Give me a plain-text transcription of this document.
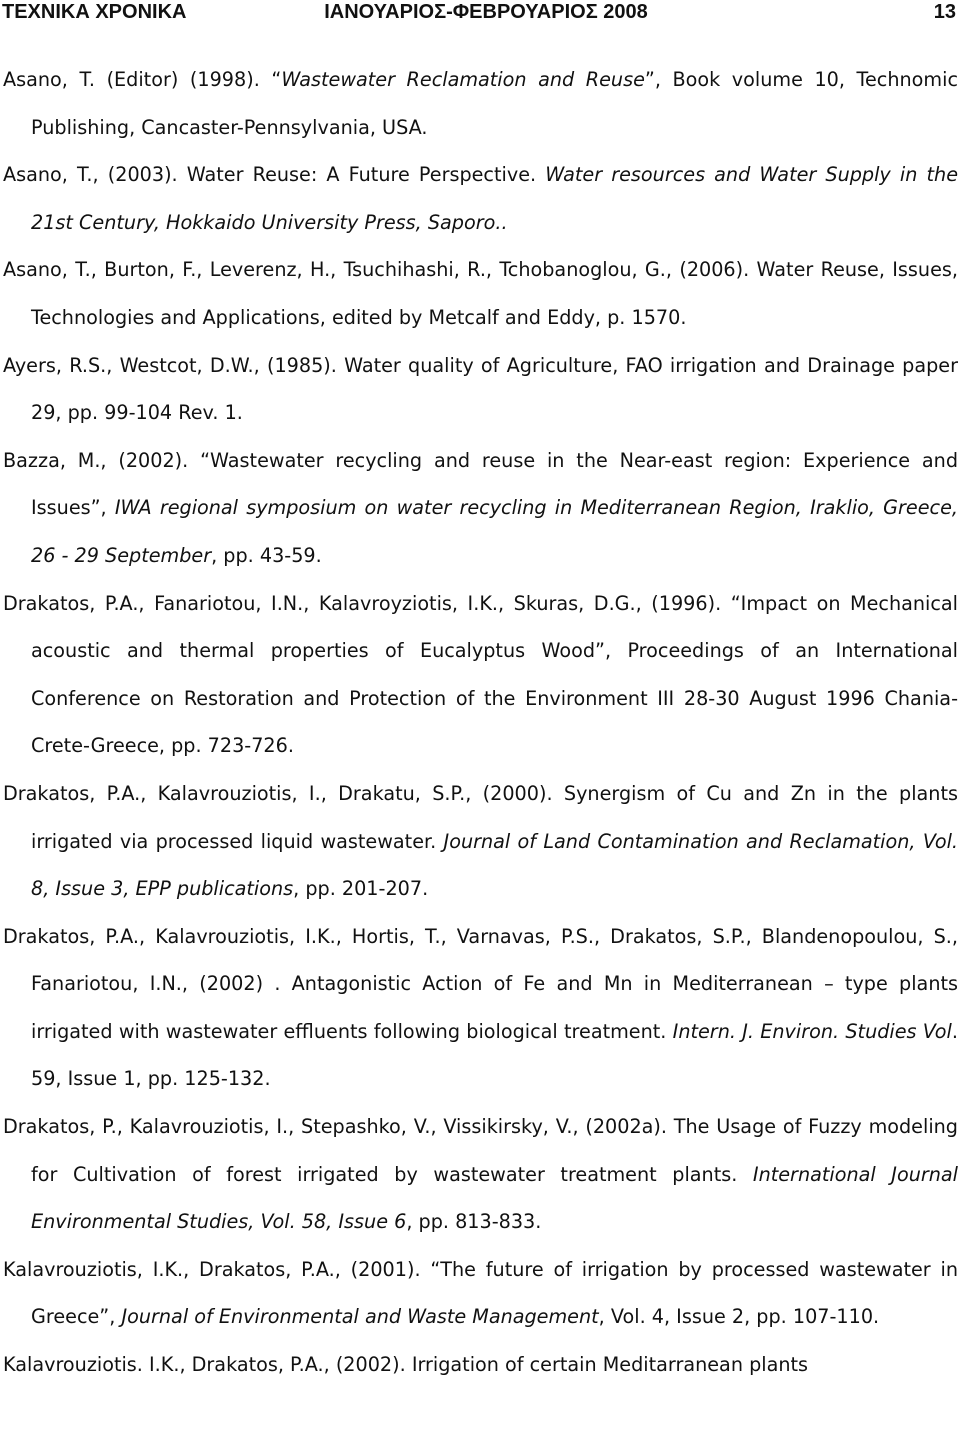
ΤΕΧΝΙΚΑ ΧΡΟΝΙΚΑ	ΙΑΝΟΥΑΡΙΟΣ-ΦΕΒΡΟΥΑΡΙΟΣ 2008	13

Asano, T. (Editor) (1998). “Wastewater Reclamation and Reuse”, Book volume 10, Technomic Publishing, Cancaster-Pennsylvania, USA.

Asano, T., (2003). Water Reuse: A Future Perspective. Water resources and Water Supply in the 21st Century, Hokkaido University Press, Saporo..

Asano, T., Burton, F., Leverenz, H., Tsuchihashi, R., Tchobanoglou, G., (2006). Water Reuse, Issues, Technologies and Applications, edited by Metcalf and Eddy, p. 1570.

Ayers, R.S., Westcot, D.W., (1985). Water quality of Agriculture, FAO irrigation and Drainage paper 29, pp. 99-104 Rev. 1.

Bazza, M., (2002). “Wastewater recycling and reuse in the Near-east region: Experience and Issues”, IWA regional symposium on water recycling in Mediterranean Region, Iraklio, Greece, 26 - 29 September, pp. 43-59.

Drakatos, P.A., Fanariotou, I.N., Kalavroyziotis, I.K., Skuras, D.G., (1996). “Impact on Mechanical acoustic and thermal properties of Eucalyptus Wood”, Proceedings of an International Conference on Restoration and Protection of the Environment III 28-30 August 1996 Chania-Crete-Greece, pp. 723-726.

Drakatos, P.A., Kalavrouziotis, I., Drakatu, S.P., (2000). Synergism of Cu and Zn in the plants irrigated via processed liquid wastewater. Journal of Land Contamination and Reclamation, Vol. 8, Issue 3, EPP publications, pp. 201-207.

Drakatos, P.A., Kalavrouziotis, I.K., Hortis, T., Varnavas, P.S., Drakatos, S.P., Blandenopoulou, S., Fanariotou, I.N., (2002) . Antagonistic Action of Fe and Mn in Mediterranean – type plants irrigated with wastewater effluents following biological treatment. Intern. J. Environ. Studies Vol. 59, Issue 1, pp. 125-132.

Drakatos, P., Kalavrouziotis, I., Stepashko, V., Vissikirsky, V., (2002a). The Usage of Fuzzy modeling for Cultivation of forest irrigated by wastewater treatment plants. International Journal Environmental Studies, Vol. 58, Issue 6, pp. 813-833.

Kalavrouziotis, I.K., Drakatos, P.A., (2001). “The future of irrigation by processed wastewater in Greece”, Journal of Environmental and Waste Management, Vol. 4, Issue 2, pp. 107-110.

Kalavrouziotis. I.K., Drakatos, P.A., (2002). Irrigation of certain Meditarranean plants
